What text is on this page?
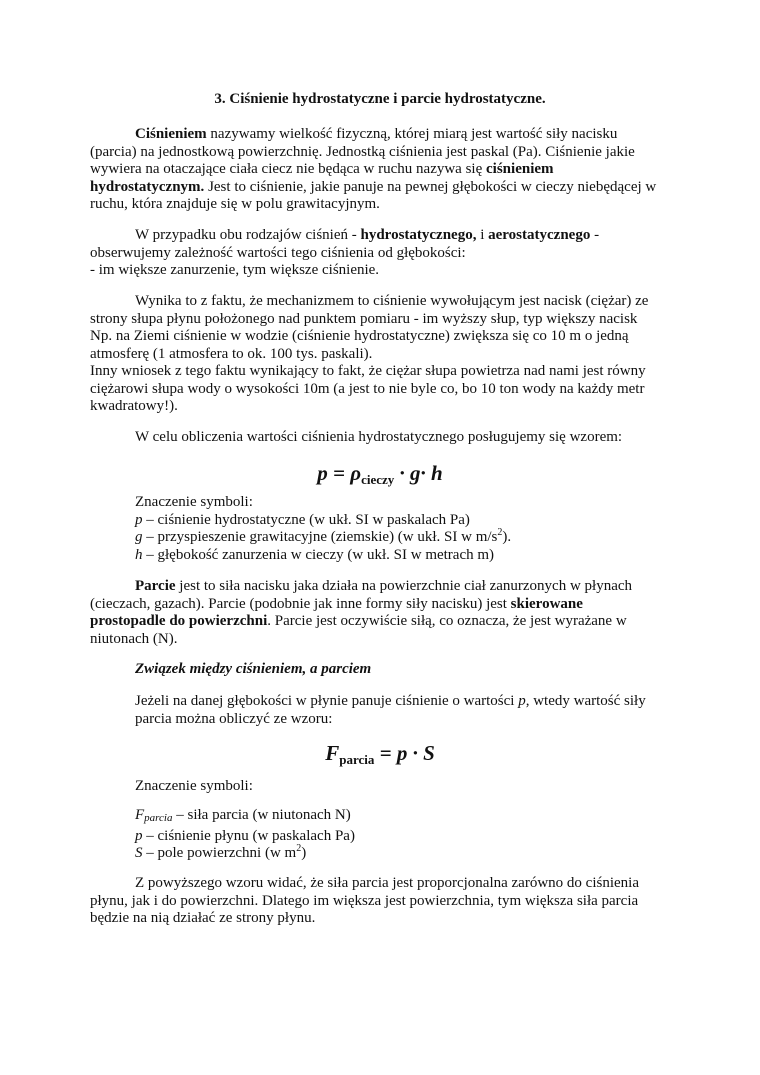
3. Ciśnienie hydrostatyczne i parcie hydrostatyczne.
Ciśnieniem nazywamy wielkość fizyczną, której miarą jest wartość siły nacisku
(parcia) na jednostkową powierzchnię. Jednostką ciśnienia jest paskal (Pa). Ciśnienie jakie
wywiera na otaczające ciała ciecz nie będąca w ruchu nazywa się ciśnieniem
hydrostatycznym. Jest to ciśnienie, jakie panuje na pewnej głębokości w cieczy niebędącej w
ruchu, która znajduje się w polu grawitacyjnym.
W przypadku obu rodzajów ciśnień - hydrostatycznego, i aerostatycznego -
obserwujemy zależność wartości tego ciśnienia od głębokości:
- im większe zanurzenie, tym większe ciśnienie.
Wynika to z faktu, że mechanizmem to ciśnienie wywołującym jest nacisk (ciężar) ze
strony słupa płynu położonego nad punktem pomiaru - im wyższy słup, typ większy nacisk
Np. na Ziemi ciśnienie w wodzie (ciśnienie hydrostatyczne) zwiększa się co 10 m o jedną
atmosferę (1 atmosfera to ok. 100 tys. paskali).
Inny wniosek z tego faktu wynikający to fakt, że ciężar słupa powietrza nad nami jest równy
ciężarowi słupa wody o wysokości 10m (a jest to nie byle co, bo 10 ton wody na każdy metr
kwadratowy!).
W celu obliczenia wartości ciśnienia hydrostatycznego posługujemy się wzorem:
$p = \rho_{cieczy} \cdot g\cdot h$
Znaczenie symboli:
p – ciśnienie hydrostatyczne (w ukł. SI w paskalach Pa)
g – przyspieszenie grawitacyjne (ziemskie) (w ukł. SI w $m/s^2$).
h – głębokość zanurzenia w cieczy (w ukł. SI w metrach m)
Parcie jest to siła nacisku jaka działa na powierzchnie ciał zanurzonych w płynach
(cieczach, gazach). Parcie (podobnie jak inne formy siły nacisku) jest skierowane
prostopadle do powierzchni. Parcie jest oczywiście siłą, co oznacza, że jest wyrażane w
niutonach (N).
Związek między ciśnieniem, a parciem
Jeżeli na danej głębokości w płynie panuje ciśnienie o wartości p, wtedy wartość siły
parcia można obliczyć ze wzoru:
$F_{parcia} = p \cdot S$
Znaczenie symboli:
Fparcia – siła parcia (w niutonach N)
p – ciśnienie płynu (w paskalach Pa)
S – pole powierzchni (w $m^2$)
Z powyższego wzoru widać, że siła parcia jest proporcjonalna zarówno do ciśnienia
płynu, jak i do powierzchni. Dlatego im większa jest powierzchnia, tym większa siła parcia
będzie na nią działać ze strony płynu.
